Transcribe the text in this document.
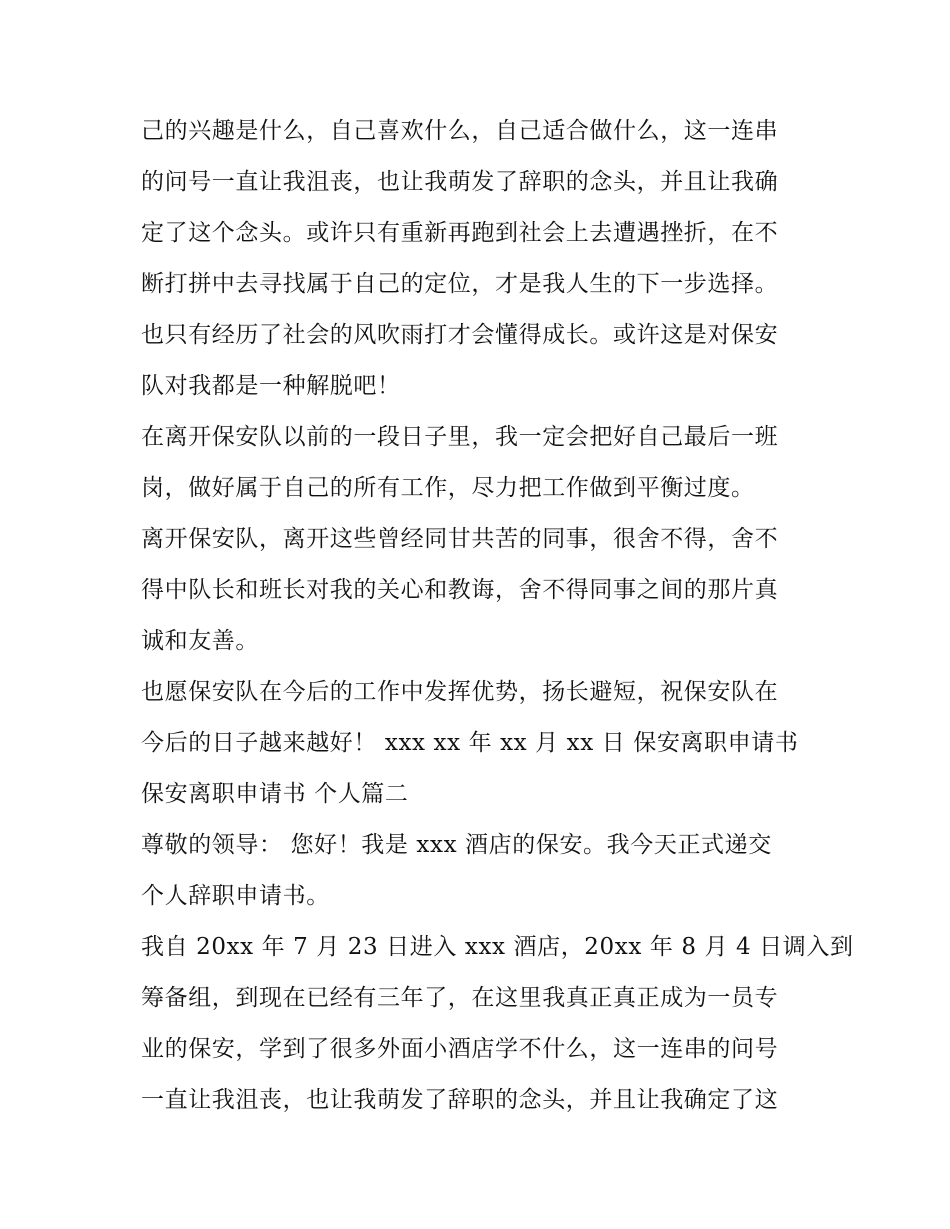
己的兴趣是什么，自己喜欢什么，自己适合做什么，这一连串
的问号一直让我沮丧，也让我萌发了辞职的念头，并且让我确
定了这个念头。或许只有重新再跑到社会上去遭遇挫折，在不
断打拼中去寻找属于自己的定位，才是我人生的下一步选择。
也只有经历了社会的风吹雨打才会懂得成长。或许这是对保安
队对我都是一种解脱吧！
在离开保安队以前的一段日子里，我一定会把好自己最后一班
岗，做好属于自己的所有工作，尽力把工作做到平衡过度。
离开保安队，离开这些曾经同甘共苦的同事，很舍不得，舍不
得中队长和班长对我的关心和教诲，舍不得同事之间的那片真
诚和友善。
也愿保安队在今后的工作中发挥优势，扬长避短，祝保安队在
今后的日子越来越好！ xxx xx 年 xx 月 xx 日 保安离职申请书
保安离职申请书 个人篇二
尊敬的领导： 您好！我是 xxx 酒店的保安。我今天正式递交
个人辞职申请书。
我自 20xx 年 7 月 23 日进入 xxx 酒店，20xx 年 8 月 4 日调入到
筹备组，到现在已经有三年了，在这里我真正真正成为一员专
业的保安，学到了很多外面小酒店学不什么，这一连串的问号
一直让我沮丧，也让我萌发了辞职的念头，并且让我确定了这
